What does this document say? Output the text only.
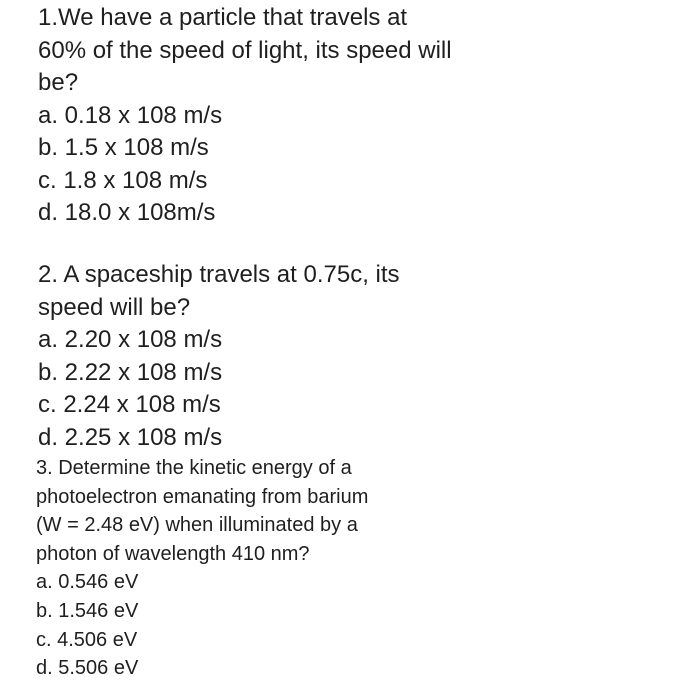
1.We have a particle that travels at
60% of the speed of light, its speed will
be?
a. 0.18 x 108 m/s
b. 1.5 x 108 m/s
c. 1.8 x 108 m/s
d. 18.0 x 108m/s
2. A spaceship travels at 0.75c, its
speed will be?
a. 2.20 x 108 m/s
b. 2.22 x 108 m/s
c. 2.24 x 108 m/s
d. 2.25 x 108 m/s
3. Determine the kinetic energy of a
photoelectron emanating from barium
(W = 2.48 eV) when illuminated by a
photon of wavelength 410 nm?
a. 0.546 eV
b. 1.546 eV
c. 4.506 eV
d. 5.506 eV
